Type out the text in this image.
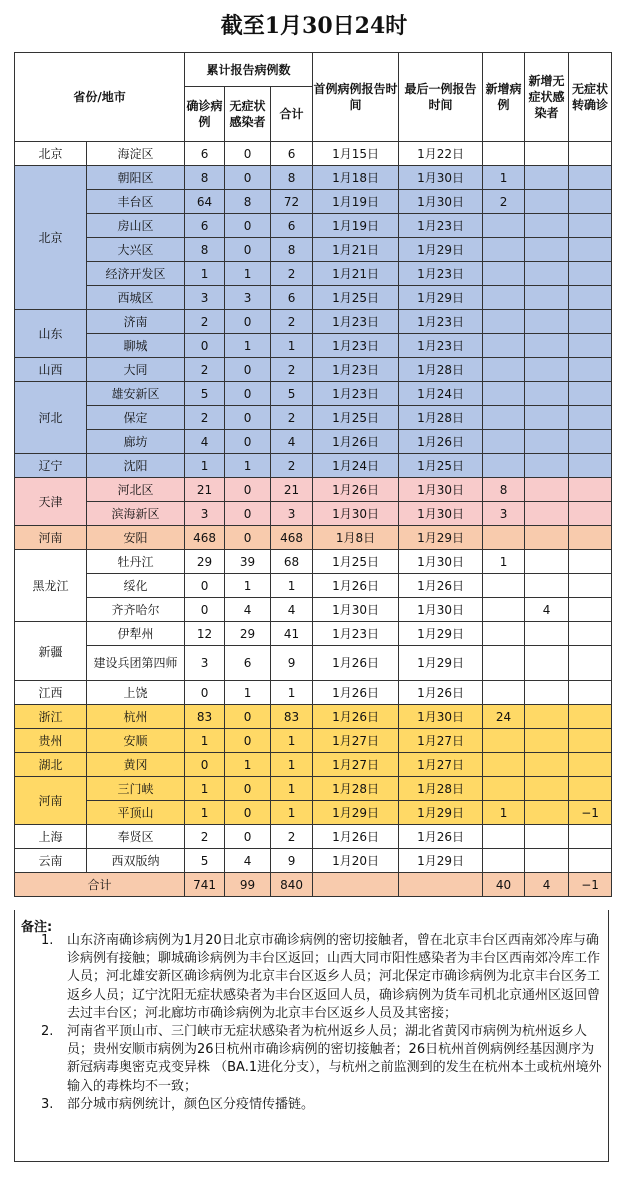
截至1月30日24时
省份/地市		累计报告病例数			首例病例报告时间	最后一例报告时间	新增病例	新增无症状感染者	无症状转确诊
		确诊病例	无症状感染者	合计					
北京	海淀区	6	0	6	1月15日	1月22日			
北京	朝阳区	8	0	8	1月18日	1月30日	1		
	丰台区	64	8	72	1月19日	1月30日	2		
	房山区	6	0	6	1月19日	1月23日			
	大兴区	8	0	8	1月21日	1月29日			
	经济开发区	1	1	2	1月21日	1月23日			
	西城区	3	3	6	1月25日	1月29日			
山东	济南	2	0	2	1月23日	1月23日			
	聊城	0	1	1	1月23日	1月23日			
山西	大同	2	0	2	1月23日	1月28日			
河北	雄安新区	5	0	5	1月23日	1月24日			
	保定	2	0	2	1月25日	1月28日			
	廊坊	4	0	4	1月26日	1月26日			
辽宁	沈阳	1	1	2	1月24日	1月25日			
天津	河北区	21	0	21	1月26日	1月30日	8		
	滨海新区	3	0	3	1月30日	1月30日	3		
河南	安阳	468	0	468	1月8日	1月29日			
黑龙江	牡丹江	29	39	68	1月25日	1月30日	1		
	绥化	0	1	1	1月26日	1月26日			
	齐齐哈尔	0	4	4	1月30日	1月30日		4	
新疆	伊犁州	12	29	41	1月23日	1月29日			
	建设兵团第四师	3	6	9	1月26日	1月29日			
江西	上饶	0	1	1	1月26日	1月26日			
浙江	杭州	83	0	83	1月26日	1月30日	24		
贵州	安顺	1	0	1	1月27日	1月27日			
湖北	黄冈	0	1	1	1月27日	1月27日			
河南	三门峡	1	0	1	1月28日	1月28日			
	平顶山	1	0	1	1月29日	1月29日	1		−1
上海	奉贤区	2	0	2	1月26日	1月26日			
云南	西双版纳	5	4	9	1月20日	1月29日			
合计		741	99	840			40	4	−1
备注:
1. 山东济南确诊病例为1月20日北京市确诊病例的密切接触者，曾在北京丰台区西南郊冷库与确诊病例有接触；聊城确诊病例为丰台区返回；山西大同市阳性感染者为丰台区西南郊冷库工作人员；河北雄安新区确诊病例为北京丰台区返乡人员；河北保定市确诊病例为北京丰台区务工返乡人员；辽宁沈阳无症状感染者为丰台区返回人员，确诊病例为货车司机北京通州区返回曾去过丰台区；河北廊坊市确诊病例为北京丰台区返乡人员及其密接；
2. 河南省平顶山市、三门峡市无症状感染者为杭州返乡人员；湖北省黄冈市病例为杭州返乡人员；贵州安顺市病例为26日杭州市确诊病例的密切接触者；26日杭州首例病例经基因测序为新冠病毒奥密克戎变异株 （BA.1进化分支），与杭州之前监测到的发生在杭州本土或杭州境外输入的毒株均不一致；
3. 部分城市病例统计，颜色区分疫情传播链。
